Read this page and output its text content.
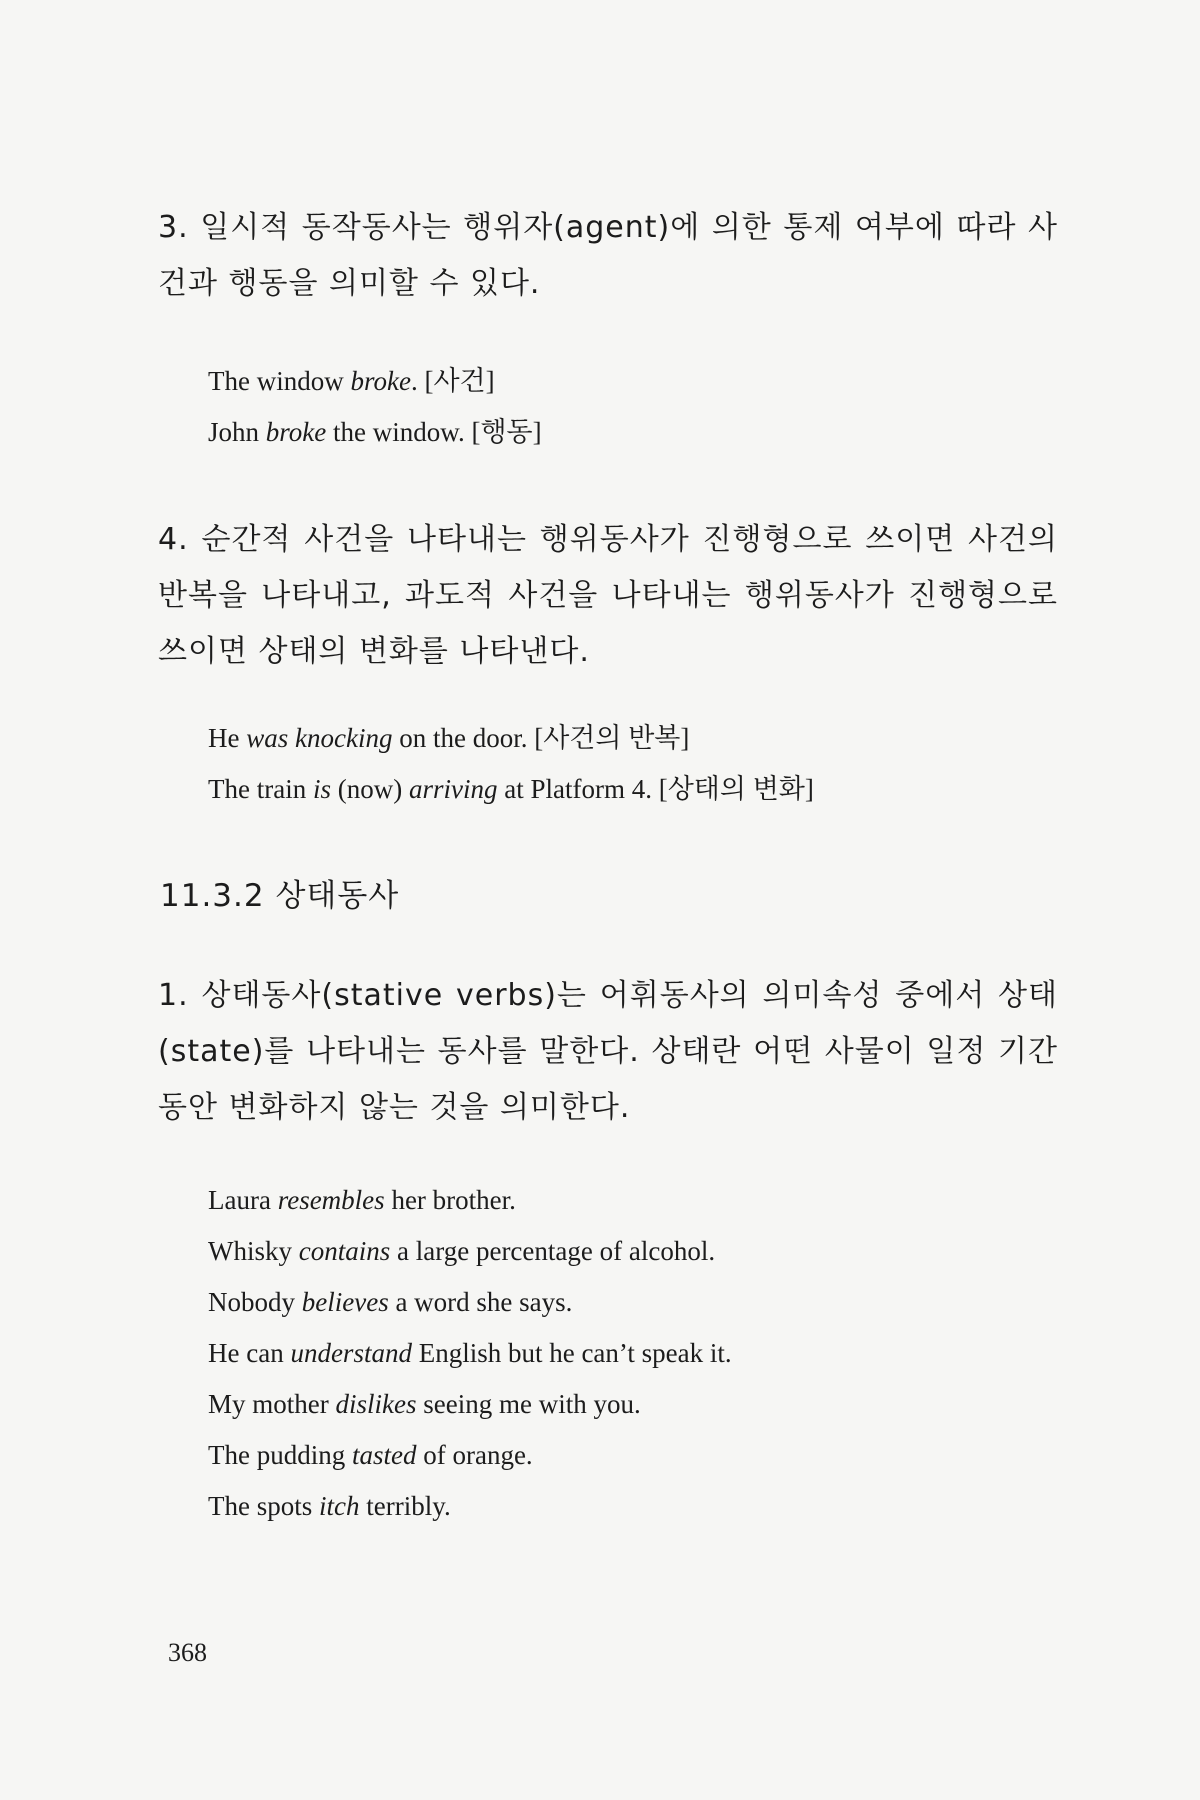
3. 일시적 동작동사는 행위자(agent)에 의한 통제 여부에 따라 사건과 행동을 의미할 수 있다.
The window broke. [사건]
John broke the window. [행동]
4. 순간적 사건을 나타내는 행위동사가 진행형으로 쓰이면 사건의 반복을 나타내고, 과도적 사건을 나타내는 행위동사가 진행형으로 쓰이면 상태의 변화를 나타낸다.
He was knocking on the door. [사건의 반복]
The train is (now) arriving at Platform 4. [상태의 변화]
11.3.2 상태동사
1. 상태동사(stative verbs)는 어휘동사의 의미속성 중에서 상태(state)를 나타내는 동사를 말한다. 상태란 어떤 사물이 일정 기간 동안 변화하지 않는 것을 의미한다.
Laura resembles her brother.
Whisky contains a large percentage of alcohol.
Nobody believes a word she says.
He can understand English but he can’t speak it.
My mother dislikes seeing me with you.
The pudding tasted of orange.
The spots itch terribly.
368
